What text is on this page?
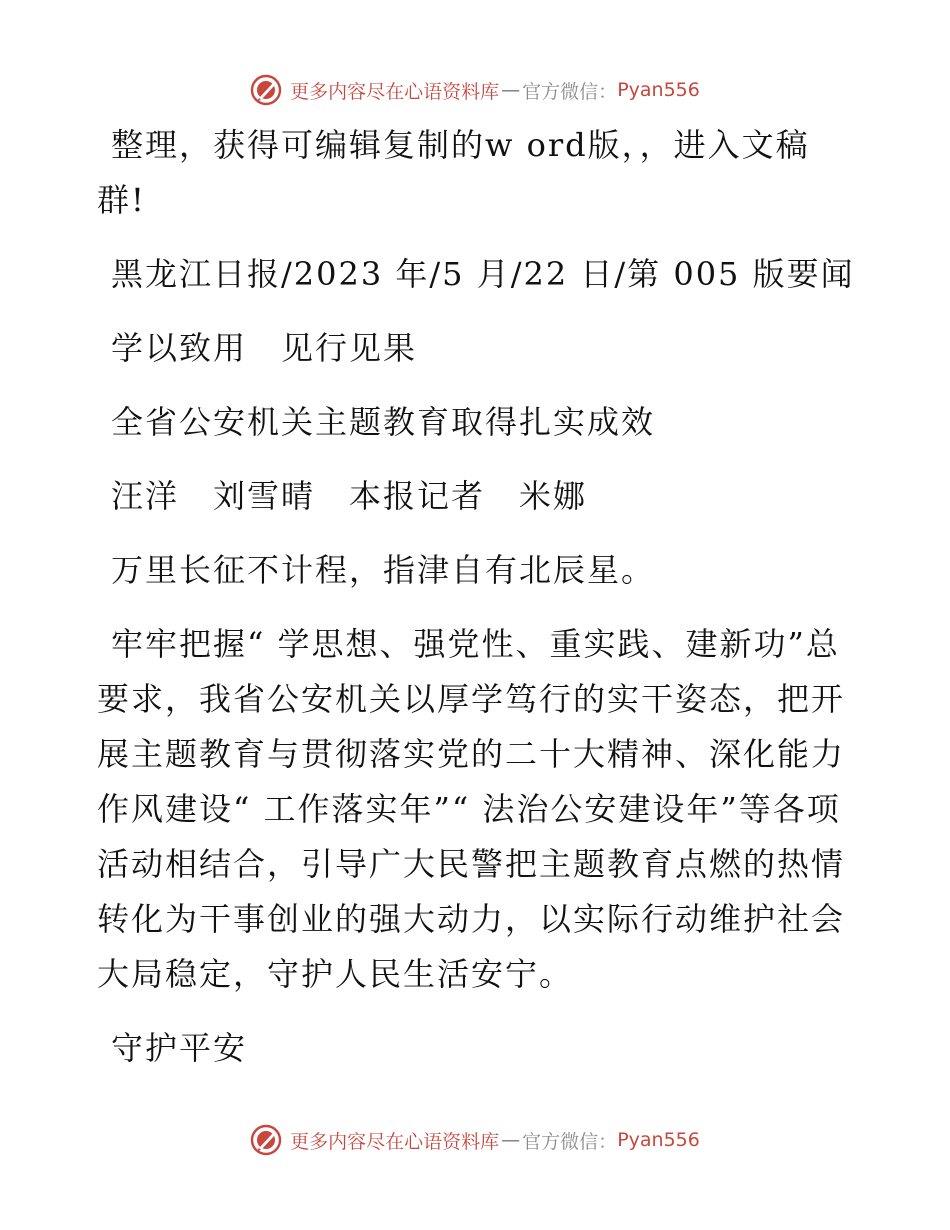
更多内容尽在心语资料库 — 官方微信： Pyan556

整理，获得可编辑复制的w ord版，，进入文稿群!

黑龙江日报/2023 年/5 月/22 日/第 005 版要闻

学以致用　见行见果

全省公安机关主题教育取得扎实成效

汪洋　刘雪晴　本报记者　米娜

万里长征不计程，指津自有北辰星。

牢牢把握“ 学思想、强党性、重实践、建新功”总要求，我省公安机关以厚学笃行的实干姿态，把开展主题教育与贯彻落实党的二十大精神、深化能力作风建设“ 工作落实年”“ 法治公安建设年”等各项活动相结合，引导广大民警把主题教育点燃的热情转化为干事创业的强大动力，以实际行动维护社会大局稳定，守护人民生活安宁。

守护平安

更多内容尽在心语资料库 — 官方微信： Pyan556
